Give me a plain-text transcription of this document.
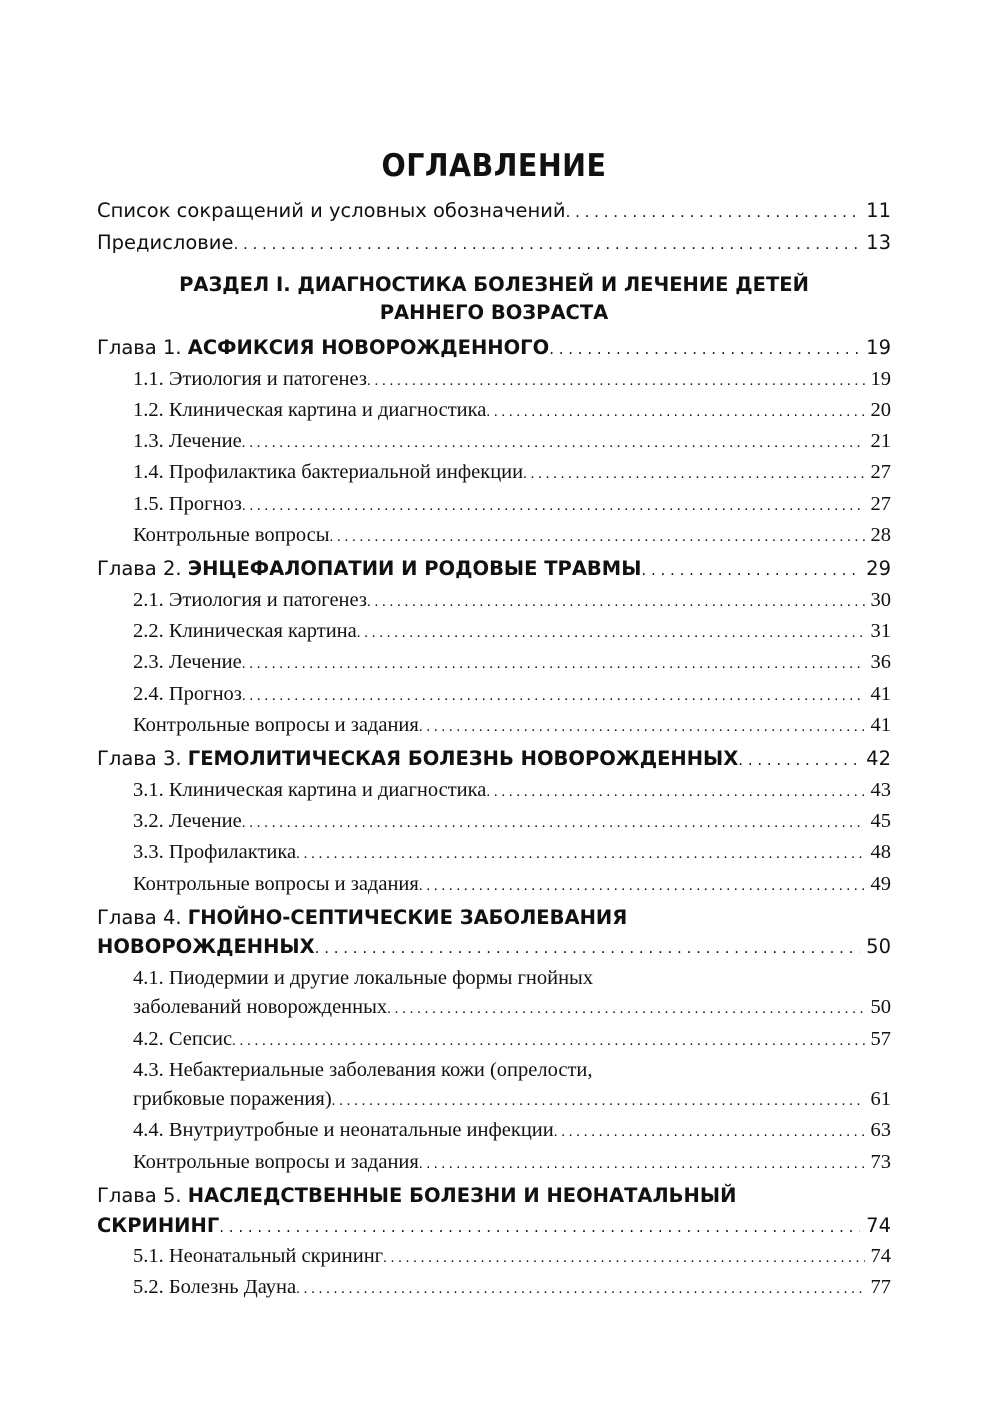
ОГЛАВЛЕНИЕ
Список сокращений и условных обозначений . . .	11
Предисловие . . .	13
РАЗДЕЛ I. ДИАГНОСТИКА БОЛЕЗНЕЙ И ЛЕЧЕНИЕ ДЕТЕЙ
РАННЕГО ВОЗРАСТА
Глава 1.
АСФИКСИЯ НОВОРОЖДЕННОГО . . .	19
1.1. Этиология и патогенез . . .	19
1.2. Клиническая картина и диагностика . . .	20
1.3. Лечение . . .	21
1.4. Профилактика бактериальной инфекции . . .	27
1.5. Прогноз . . .	27
Контрольные вопросы . . .	28
Глава 2.
ЭНЦЕФАЛОПАТИИ И РОДОВЫЕ ТРАВМЫ . . .	29
2.1. Этиология и патогенез . . .	30
2.2. Клиническая картина . . .	31
2.3. Лечение . . .	36
2.4. Прогноз . . .	41
Контрольные вопросы и задания . . .	41
Глава 3.
ГЕМОЛИТИЧЕСКАЯ БОЛЕЗНЬ НОВОРОЖДЕННЫХ . . .	42
3.1. Клиническая картина и диагностика . . .	43
3.2. Лечение . . .	45
3.3. Профилактика . . .	48
Контрольные вопросы и задания . . .	49
Глава 4. ГНОЙНО-СЕПТИЧЕСКИЕ ЗАБОЛЕВАНИЯ
НОВОРОЖДЕННЫХ . . .	50
4.1. Пиодермии и другие локальные формы гнойных
заболеваний новорожденных . . .	50
4.2. Сепсис . . .	57
4.3. Небактериальные заболевания кожи (опрелости,
грибковые поражения) . . .	61
4.4. Внутриутробные и неонатальные инфекции . . .	63
Контрольные вопросы и задания . . .	73
Глава 5. НАСЛЕДСТВЕННЫЕ БОЛЕЗНИ И НЕОНАТАЛЬНЫЙ
СКРИНИНГ . . .	74
5.1. Неонатальный скрининг . . .	74
5.2. Болезнь Дауна . . .	77
